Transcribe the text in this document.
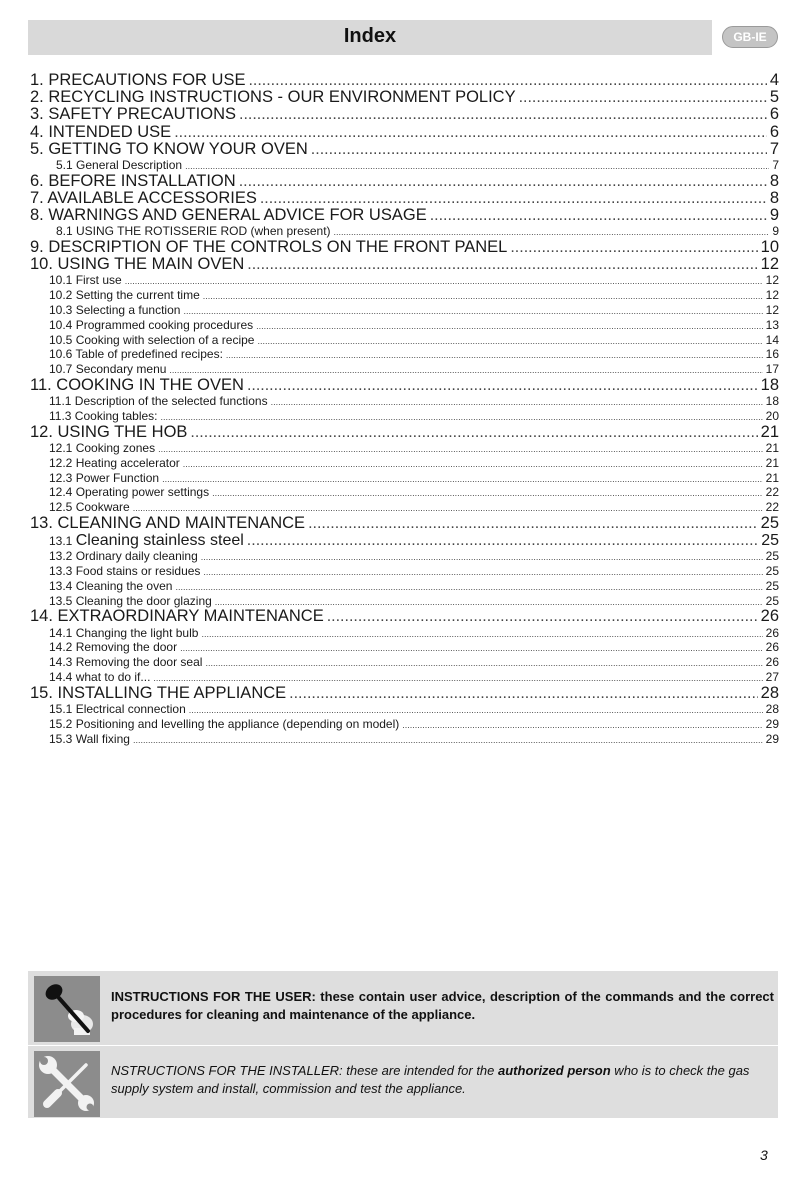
Index	GB-IE
1. PRECAUTIONS FOR USE .....	4
2. RECYCLING INSTRUCTIONS - OUR ENVIRONMENT POLICY .....	5
3. SAFETY PRECAUTIONS .....	6
4. INTENDED USE .....	6
5. GETTING TO KNOW YOUR OVEN .....	7
5.1 General Description .....	7
6. BEFORE INSTALLATION .....	8
7. AVAILABLE ACCESSORIES .....	8
8. WARNINGS AND GENERAL ADVICE FOR USAGE .....	9
8.1 USING THE ROTISSERIE ROD (when present) .....	9
9. DESCRIPTION OF THE CONTROLS ON THE FRONT PANEL .....	10
10. USING THE MAIN OVEN .....	12
10.1 First use .....	12
10.2 Setting the current time .....	12
10.3 Selecting a function .....	12
10.4 Programmed cooking procedures .....	13
10.5 Cooking with selection of a recipe .....	14
10.6 Table of predefined recipes: .....	16
10.7 Secondary menu .....	17
11. COOKING IN THE OVEN .....	18
11.1 Description of the selected functions .....	18
11.3 Cooking tables: .....	20
12. USING THE HOB .....	21
12.1 Cooking zones .....	21
12.2 Heating accelerator .....	21
12.3 Power Function .....	21
12.4 Operating power settings .....	22
12.5 Cookware .....	22
13. CLEANING AND MAINTENANCE .....	25
13.1 Cleaning stainless steel .....	25
13.2 Ordinary daily cleaning .....	25
13.3 Food stains or residues .....	25
13.4 Cleaning the oven .....	25
13.5 Cleaning the door glazing .....	25
14. EXTRAORDINARY MAINTENANCE .....	26
14.1 Changing the light bulb .....	26
14.2 Removing the door .....	26
14.3 Removing the door seal .....	26
14.4 what to do if... .....	27
15. INSTALLING THE APPLIANCE .....	28
15.1 Electrical connection .....	28
15.2 Positioning and levelling the appliance (depending on model) .....	29
15.3 Wall fixing .....	29
INSTRUCTIONS FOR THE USER: these contain user advice, description of the commands and the correct procedures for cleaning and maintenance of the appliance.
NSTRUCTIONS FOR THE INSTALLER: these are intended for the authorized person who is to check the gas supply system and install, commission and test the appliance.
3
